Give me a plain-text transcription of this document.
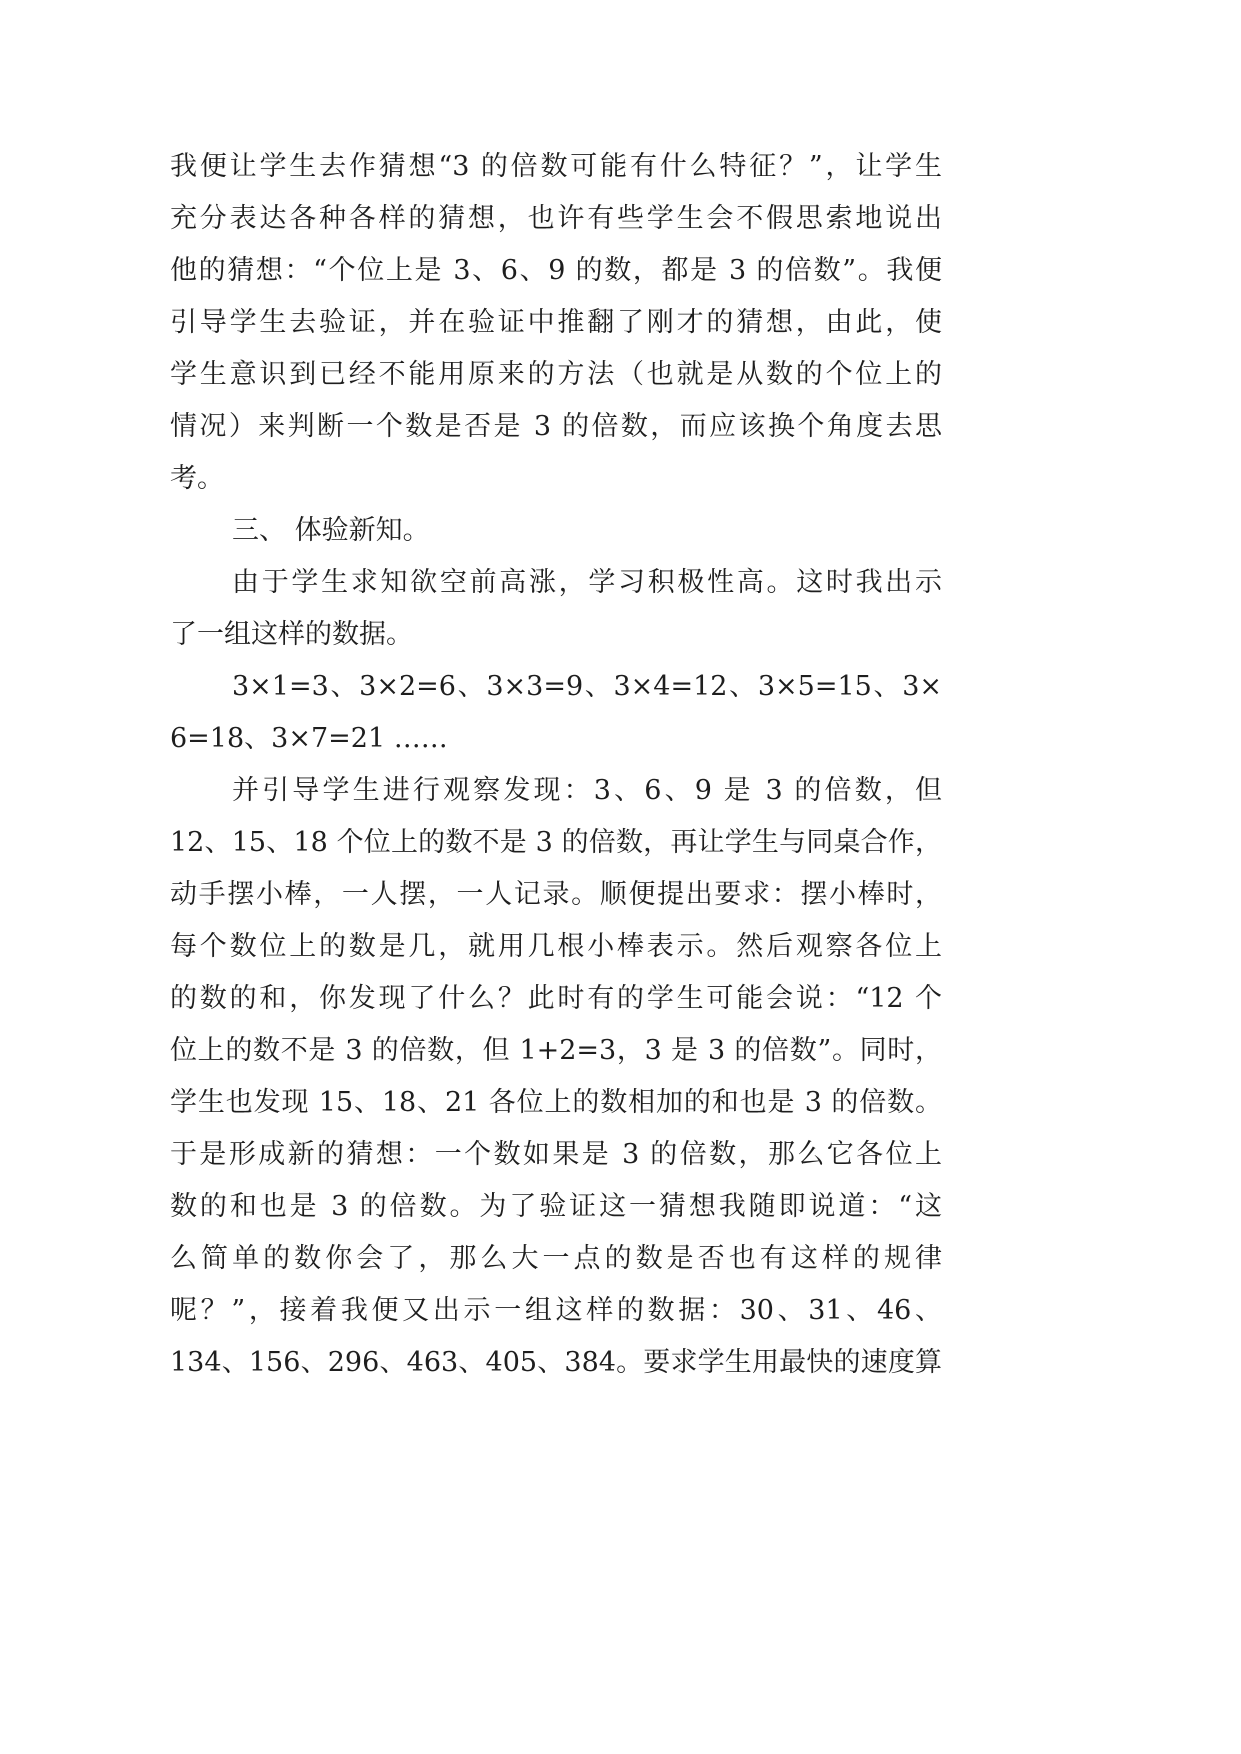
我便让学生去作猜想“3 的倍数可能有什么特征？”，让学生
充分表达各种各样的猜想，也许有些学生会不假思索地说出
他的猜想：“个位上是 3、6、9 的数，都是 3 的倍数”。我便
引导学生去验证，并在验证中推翻了刚才的猜想，由此，使
学生意识到已经不能用原来的方法（也就是从数的个位上的
情况）来判断一个数是否是 3 的倍数，而应该换个角度去思
考。
三、 体验新知。
由于学生求知欲空前高涨，学习积极性高。这时我出示
了一组这样的数据。
3×1=3、3×2=6、3×3=9、3×4=12、3×5=15、3×
6=18、3×7=21 ……
并引导学生进行观察发现：3、6、9 是 3 的倍数，但
12、15、18 个位上的数不是 3 的倍数，再让学生与同桌合作，
动手摆小棒，一人摆，一人记录。顺便提出要求：摆小棒时，
每个数位上的数是几，就用几根小棒表示。然后观察各位上
的数的和，你发现了什么？此时有的学生可能会说：“12 个
位上的数不是 3 的倍数，但 1+2=3，3 是 3 的倍数”。同时，
学生也发现 15、18、21 各位上的数相加的和也是 3 的倍数。
于是形成新的猜想：一个数如果是 3 的倍数，那么它各位上
数的和也是 3 的倍数。为了验证这一猜想我随即说道：“这
么简单的数你会了，那么大一点的数是否也有这样的规律
呢？”，接着我便又出示一组这样的数据：30、31、46、
134、156、296、463、405、384。要求学生用最快的速度算
